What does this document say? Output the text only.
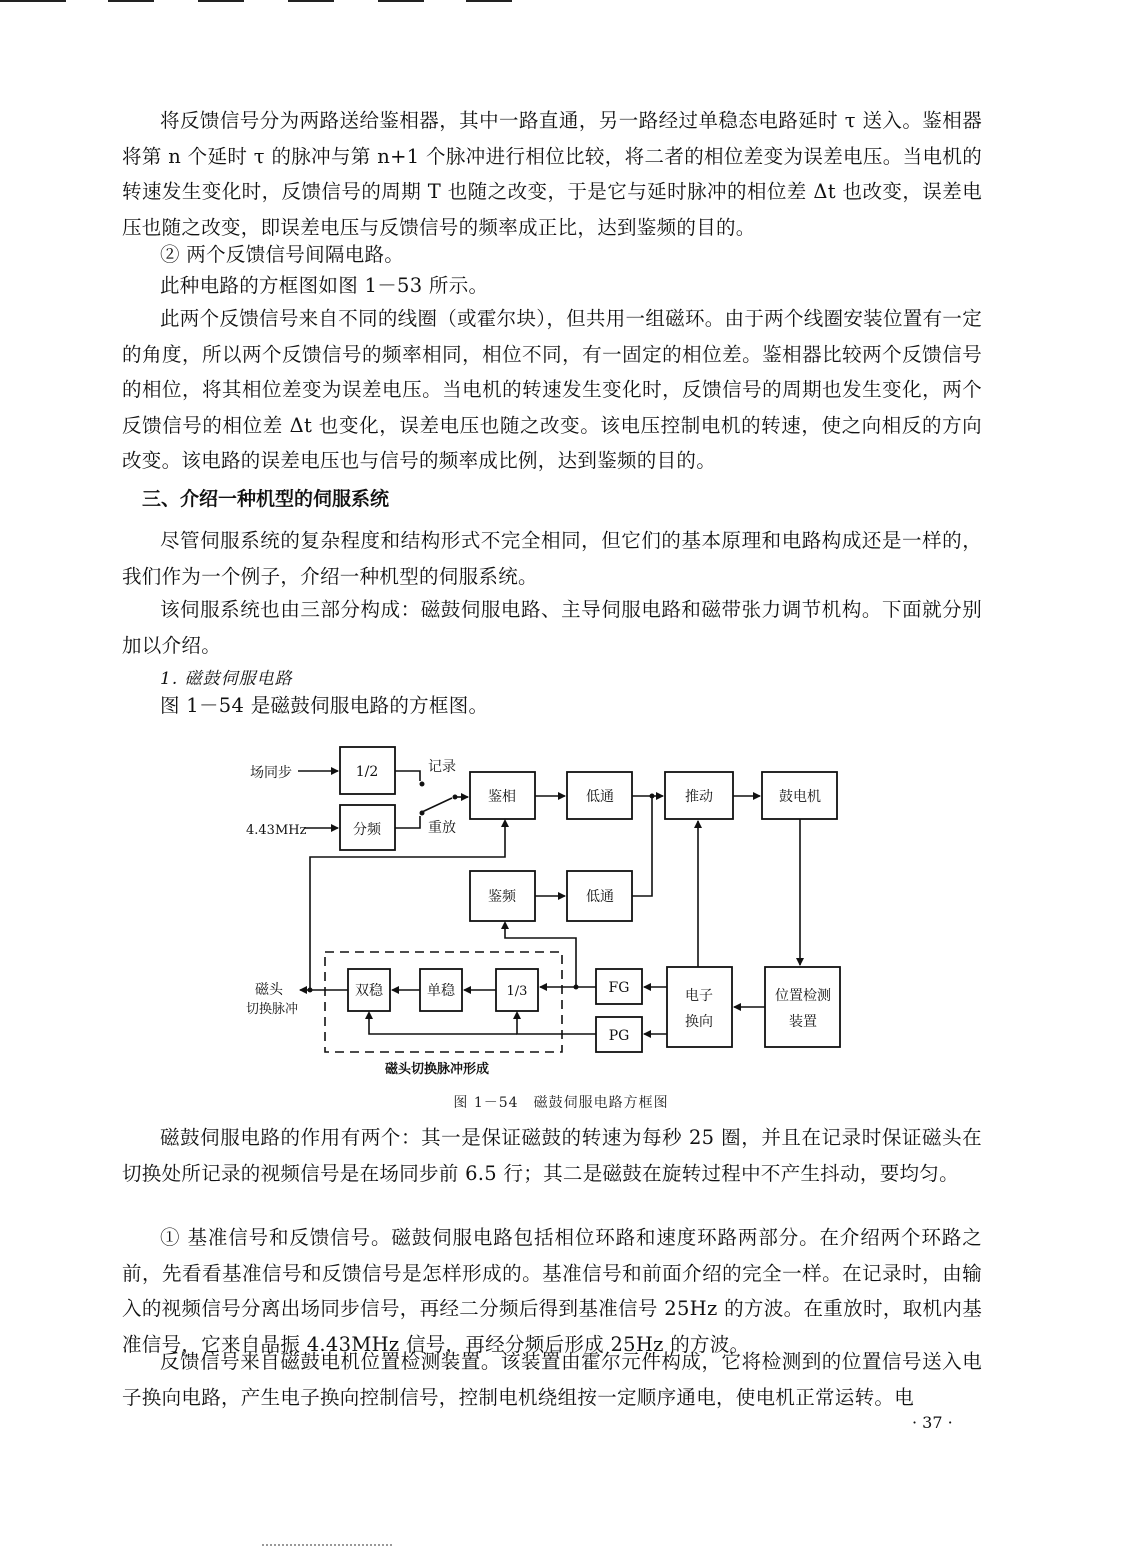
将反馈信号分为两路送给鉴相器，其中一路直通，另一路经过单稳态电路延时 τ 送入。鉴相器将第 n 个延时 τ 的脉冲与第 n+1 个脉冲进行相位比较，将二者的相位差变为误差电压。当电机的转速发生变化时，反馈信号的周期 T 也随之改变，于是它与延时脉冲的相位差 Δt 也改变，误差电压也随之改变，即误差电压与反馈信号的频率成正比，达到鉴频的目的。

② 两个反馈信号间隔电路。

此种电路的方框图如图 1－53 所示。

此两个反馈信号来自不同的线圈（或霍尔块），但共用一组磁环。由于两个线圈安装位置有一定的角度，所以两个反馈信号的频率相同，相位不同，有一固定的相位差。鉴相器比较两个反馈信号的相位，将其相位差变为误差电压。当电机的转速发生变化时，反馈信号的周期也发生变化，两个反馈信号的相位差 Δt 也变化，误差电压也随之改变。该电压控制电机的转速，使之向相反的方向改变。该电路的误差电压也与信号的频率成比例，达到鉴频的目的。

三、介绍一种机型的伺服系统

尽管伺服系统的复杂程度和结构形式不完全相同，但它们的基本原理和电路构成还是一样的，我们作为一个例子，介绍一种机型的伺服系统。

该伺服系统也由三部分构成：磁鼓伺服电路、主导伺服电路和磁带张力调节机构。下面就分别加以介绍。

1. 磁鼓伺服电路

图 1－54 是磁鼓伺服电路的方框图。

场同步	1/2
4.43MHz	分频
记录
重放
鉴相	低通	推动	鼓电机
鉴频	低通
电子
换向
位置检测
装置
FG
PG
磁头切换脉冲形成
双稳	单稳	1/3
磁头
切换脉冲

图 1－54　磁鼓伺服电路方框图

磁鼓伺服电路的作用有两个：其一是保证磁鼓的转速为每秒 25 圈，并且在记录时保证磁头在切换处所记录的视频信号是在场同步前 6.5 行；其二是磁鼓在旋转过程中不产生抖动，要均匀。

① 基准信号和反馈信号。磁鼓伺服电路包括相位环路和速度环路两部分。在介绍两个环路之前，先看看基准信号和反馈信号是怎样形成的。基准信号和前面介绍的完全一样。在记录时，由输入的视频信号分离出场同步信号，再经二分频后得到基准信号 25Hz 的方波。在重放时，取机内基准信号，它来自晶振 4.43MHz 信号，再经分频后形成 25Hz 的方波。

反馈信号来自磁鼓电机位置检测装置。该装置由霍尔元件构成，它将检测到的位置信号送入电子换向电路，产生电子换向控制信号，控制电机绕组按一定顺序通电，使电机正常运转。电

· 37 ·
